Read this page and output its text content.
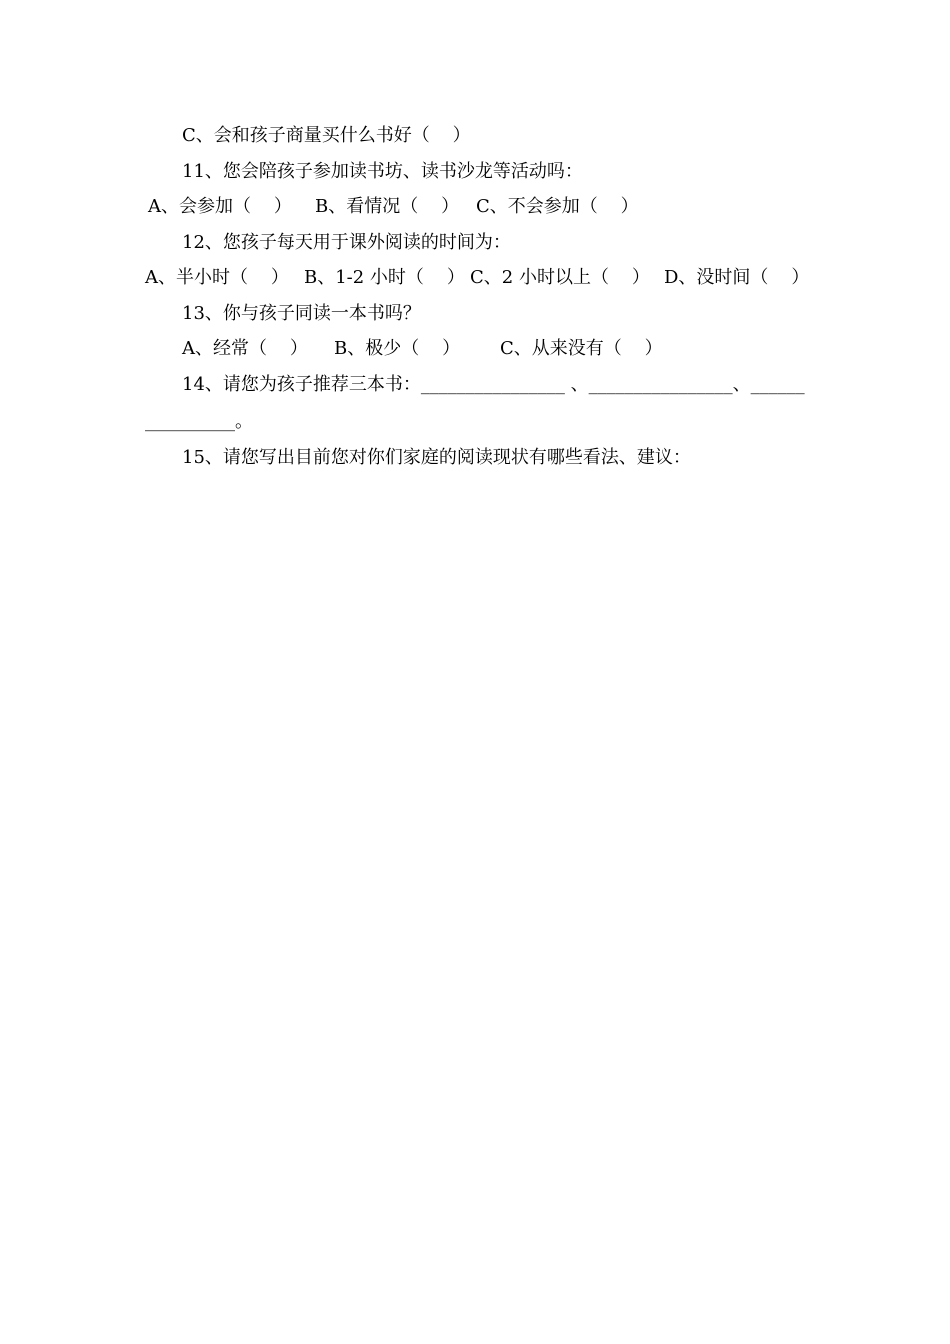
C、会和孩子商量买什么书好（    ）
11、您会陪孩子参加读书坊、读书沙龙等活动吗：
A、会参加（    ） B、看情况（    ） C、不会参加（    ）
12、您孩子每天用于课外阅读的时间为：
A、半小时（    ） B、1-2 小时（    ） C、2 小时以上（    ） D、没时间（    ）
13、你与孩子同读一本书吗？
A、经常（    ） B、极少（    ） C、从来没有（    ）
14、请您为孩子推荐三本书：________________ 、________________、______
__________。
15、请您写出目前您对你们家庭的阅读现状有哪些看法、建议：
